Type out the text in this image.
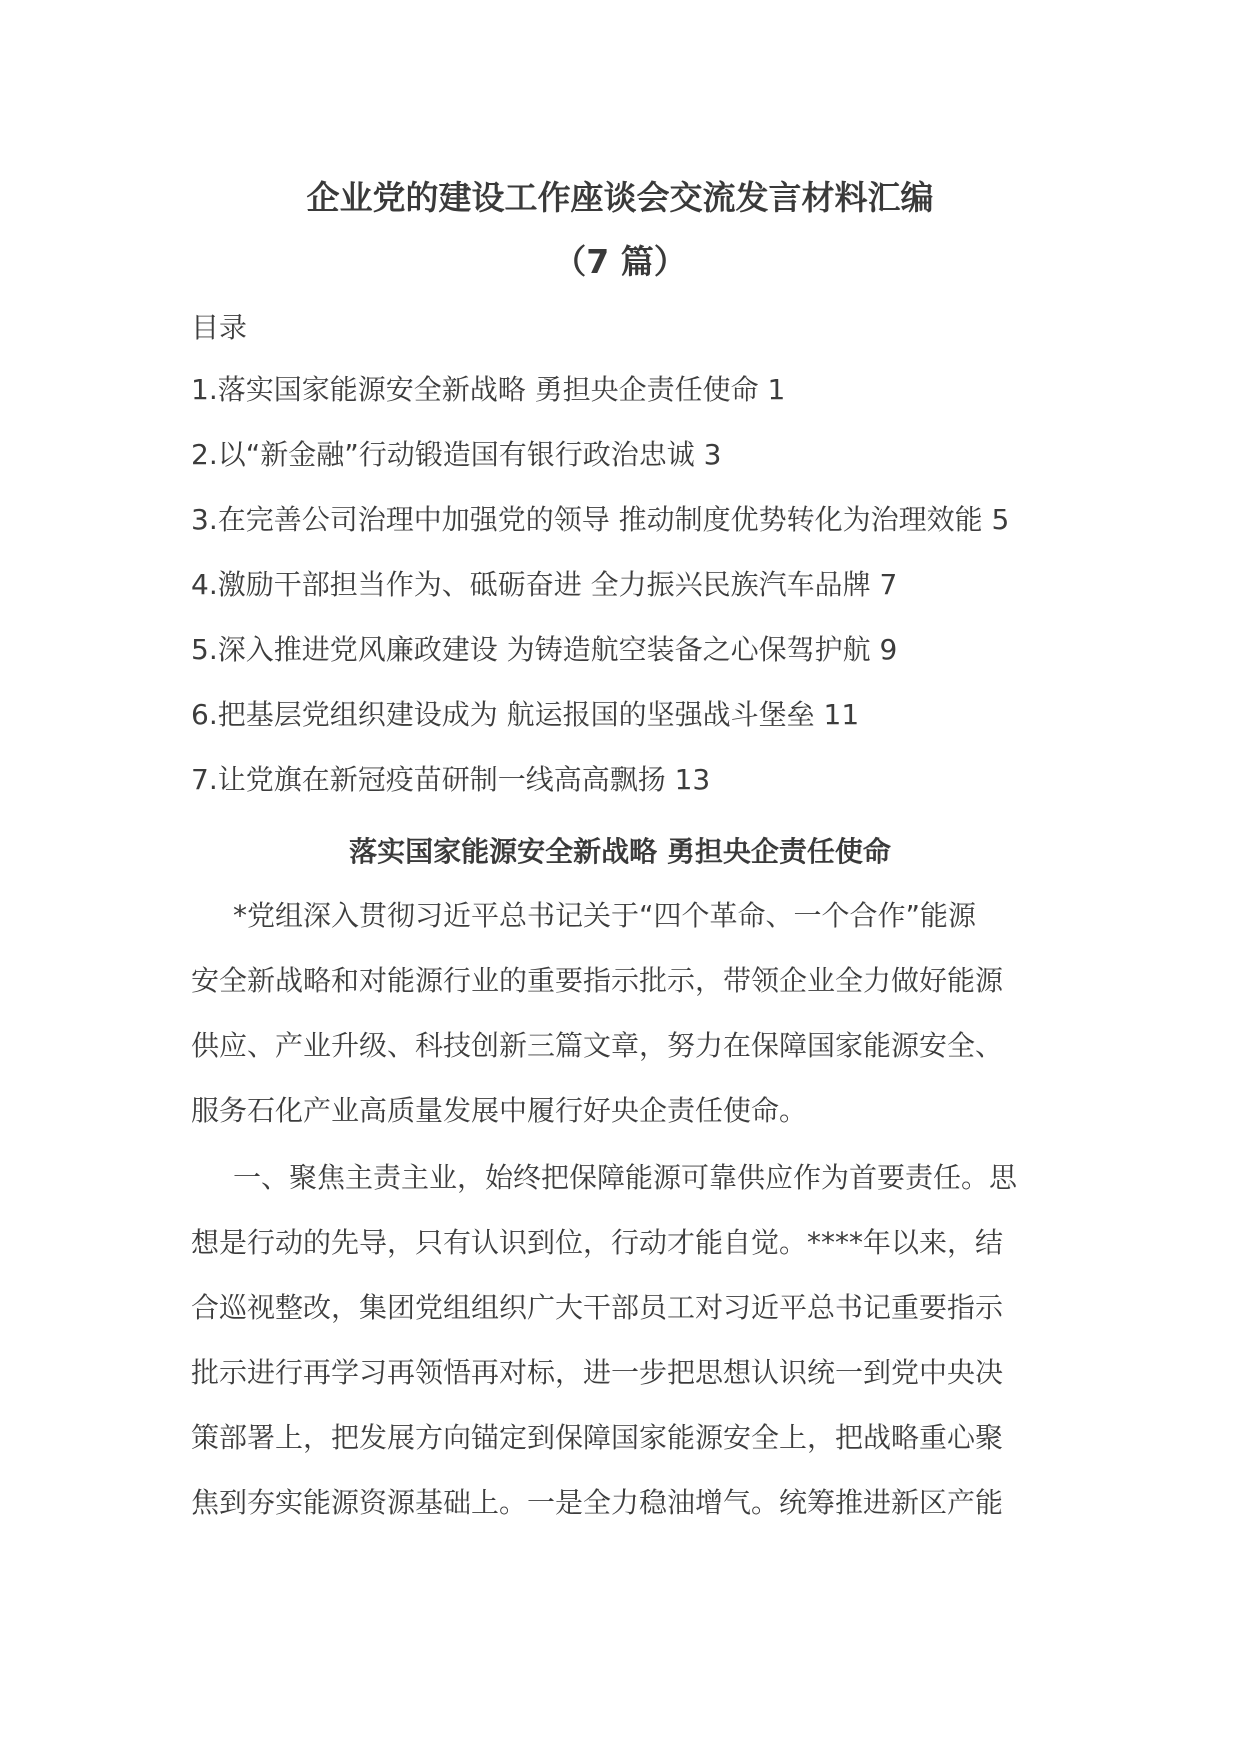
企业党的建设工作座谈会交流发言材料汇编
（7 篇）
目录
1.落实国家能源安全新战略 勇担央企责任使命 1
2.以“新金融”行动锻造国有银行政治忠诚 3
3.在完善公司治理中加强党的领导 推动制度优势转化为治理效能 5
4.激励干部担当作为、砥砺奋进 全力振兴民族汽车品牌 7
5.深入推进党风廉政建设 为铸造航空装备之心保驾护航 9
6.把基层党组织建设成为 航运报国的坚强战斗堡垒 11
7.让党旗在新冠疫苗研制一线高高飘扬 13
落实国家能源安全新战略 勇担央企责任使命
*党组深入贯彻习近平总书记关于“四个革命、一个合作”能源
安全新战略和对能源行业的重要指示批示，带领企业全力做好能源
供应、产业升级、科技创新三篇文章，努力在保障国家能源安全、
服务石化产业高质量发展中履行好央企责任使命。
一、聚焦主责主业，始终把保障能源可靠供应作为首要责任。思
想是行动的先导，只有认识到位，行动才能自觉。****年以来，结
合巡视整改，集团党组组织广大干部员工对习近平总书记重要指示
批示进行再学习再领悟再对标，进一步把思想认识统一到党中央决
策部署上，把发展方向锚定到保障国家能源安全上，把战略重心聚
焦到夯实能源资源基础上。一是全力稳油增气。统筹推进新区产能
